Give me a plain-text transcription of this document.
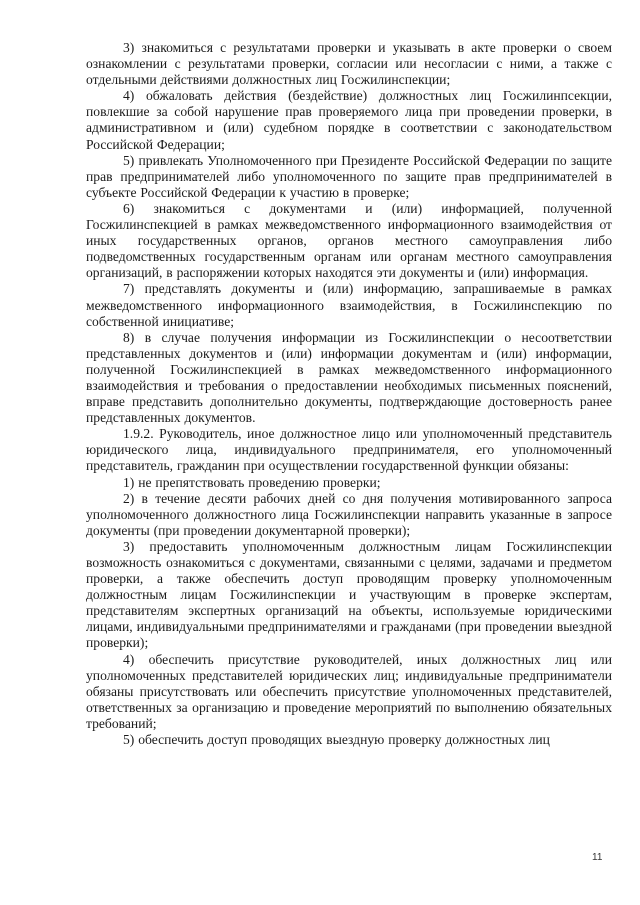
3) знакомиться с результатами проверки и указывать в акте проверки о своем ознакомлении с результатами проверки, согласии или несогласии с ними, а также с отдельными действиями должностных лиц Госжилинспекции;

4) обжаловать действия (бездействие) должностных лиц Госжилинпсекции, повлекшие за собой нарушение прав проверяемого лица при проведении проверки, в административном и (или) судебном порядке в соответствии с законодательством Российской Федерации;

5) привлекать Уполномоченного при Президенте Российской Федерации по защите прав предпринимателей либо уполномоченного по защите прав предпринимателей в субъекте Российской Федерации к участию в проверке;

6) знакомиться с документами и (или) информацией, полученной Госжилинспекцией в рамках межведомственного информационного взаимодействия от иных государственных органов, органов местного самоуправления либо подведомственных государственным органам или органам местного самоуправления организаций, в распоряжении которых находятся эти документы и (или) информация.

7) представлять документы и (или) информацию, запрашиваемые в рамках межведомственного информационного взаимодействия, в Госжилинспекцию по собственной инициативе;

8) в случае получения информации из Госжилинспекции о несоответствии представленных документов и (или) информации документам и (или) информации, полученной Госжилинспекцией в рамках межведомственного информационного взаимодействия и требования о предоставлении необходимых письменных пояснений, вправе представить дополнительно документы, подтверждающие достоверность ранее представленных документов.

1.9.2. Руководитель, иное должностное лицо или уполномоченный представитель юридического лица, индивидуального предпринимателя, его уполномоченный представитель, гражданин при осуществлении государственной функции обязаны:

1) не препятствовать проведению проверки;

2) в течение десяти рабочих дней со дня получения мотивированного запроса уполномоченного должностного лица Госжилинспекции направить указанные в запросе документы (при проведении документарной проверки);

3) предоставить уполномоченным должностным лицам Госжилинспекции возможность ознакомиться с документами, связанными с целями, задачами и предметом проверки, а также обеспечить доступ проводящим проверку уполномоченным должностным лицам Госжилинспекции и участвующим в проверке экспертам, представителям экспертных организаций на объекты, используемые юридическими лицами, индивидуальными предпринимателями и гражданами (при проведении выездной проверки);

4) обеспечить присутствие руководителей, иных должностных лиц или уполномоченных представителей юридических лиц; индивидуальные предприниматели обязаны присутствовать или обеспечить присутствие уполномоченных представителей, ответственных за организацию и проведение мероприятий по выполнению обязательных требований;

5) обеспечить доступ проводящих выездную проверку должностных лиц

11
